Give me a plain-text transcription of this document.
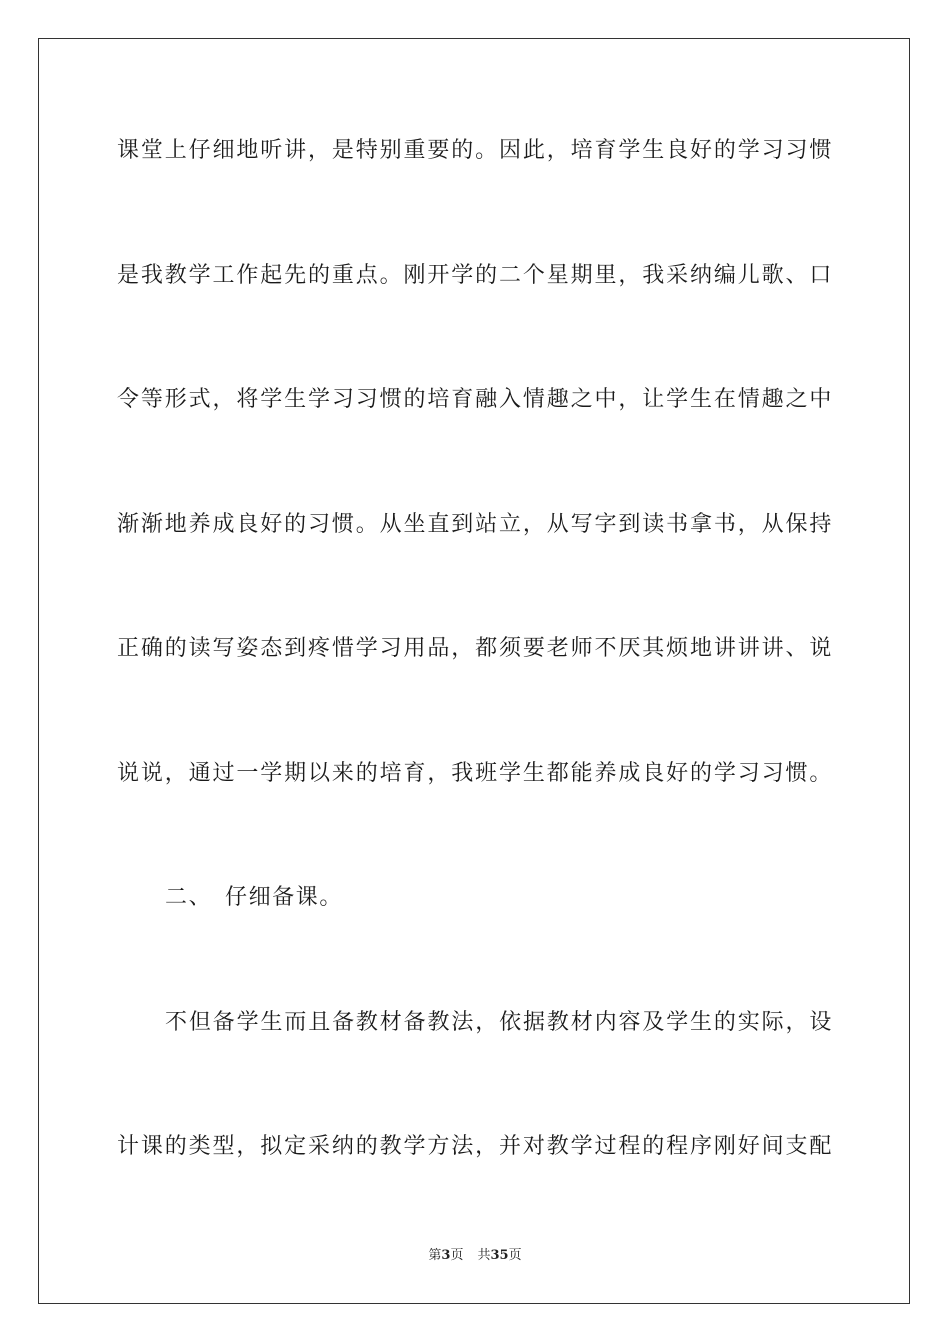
课堂上仔细地听讲，是特别重要的。因此，培育学生良好的学习习惯
是我教学工作起先的重点。刚开学的二个星期里，我采纳编儿歌、口
令等形式，将学生学习习惯的培育融入情趣之中，让学生在情趣之中
渐渐地养成良好的习惯。从坐直到站立，从写字到读书拿书，从保持
正确的读写姿态到疼惜学习用品，都须要老师不厌其烦地讲讲讲、说
说说，通过一学期以来的培育，我班学生都能养成良好的学习习惯。
二、 仔细备课。
不但备学生而且备教材备教法，依据教材内容及学生的实际，设
计课的类型，拟定采纳的教学方法，并对教学过程的程序刚好间支配
第3页 共35页
